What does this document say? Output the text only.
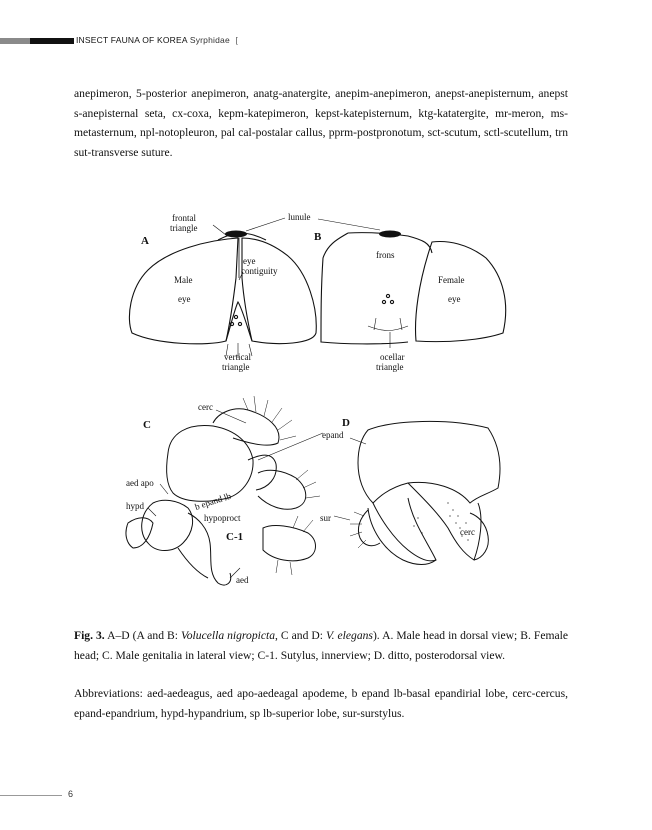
INSECT FAUNA OF KOREA Syrphidae [
anepimeron, 5-posterior anepimeron, anatg-anatergite, anepim-anepimeron, anepst-anepisternum, anepst s-anepisternal seta, cx-coxa, kepm-katepimeron, kepst-katepisternum, ktg-katatergite, mr-meron, ms-metasternum, npl-notopleuron, pal cal-postalar callus, pprm-postpronotum, sct-scutum, sctl-scutellum, trn sut-transverse suture.
A	B
frontal
triangle
lunule
frons
eye
contiguity
Male
eye
Female
eye
vertical
triangle
ocellar
triangle
C
C-1
D
cerc
epand
aed apo
hypd	b epand lb
hypoproct	sur
cerc
aed
Fig. 3. A–D (A and B: Volucella nigropicta, C and D: V. elegans). A. Male head in dorsal view; B. Female head; C. Male genitalia in lateral view; C-1. Sutylus, innerview; D. ditto, posterodorsal view.
Abbreviations: aed-aedeagus, aed apo-aedeagal apodeme, b epand lb-basal epandirial lobe, cerc-cercus, epand-epandrium, hypd-hypandrium, sp lb-superior lobe, sur-surstylus.
6
